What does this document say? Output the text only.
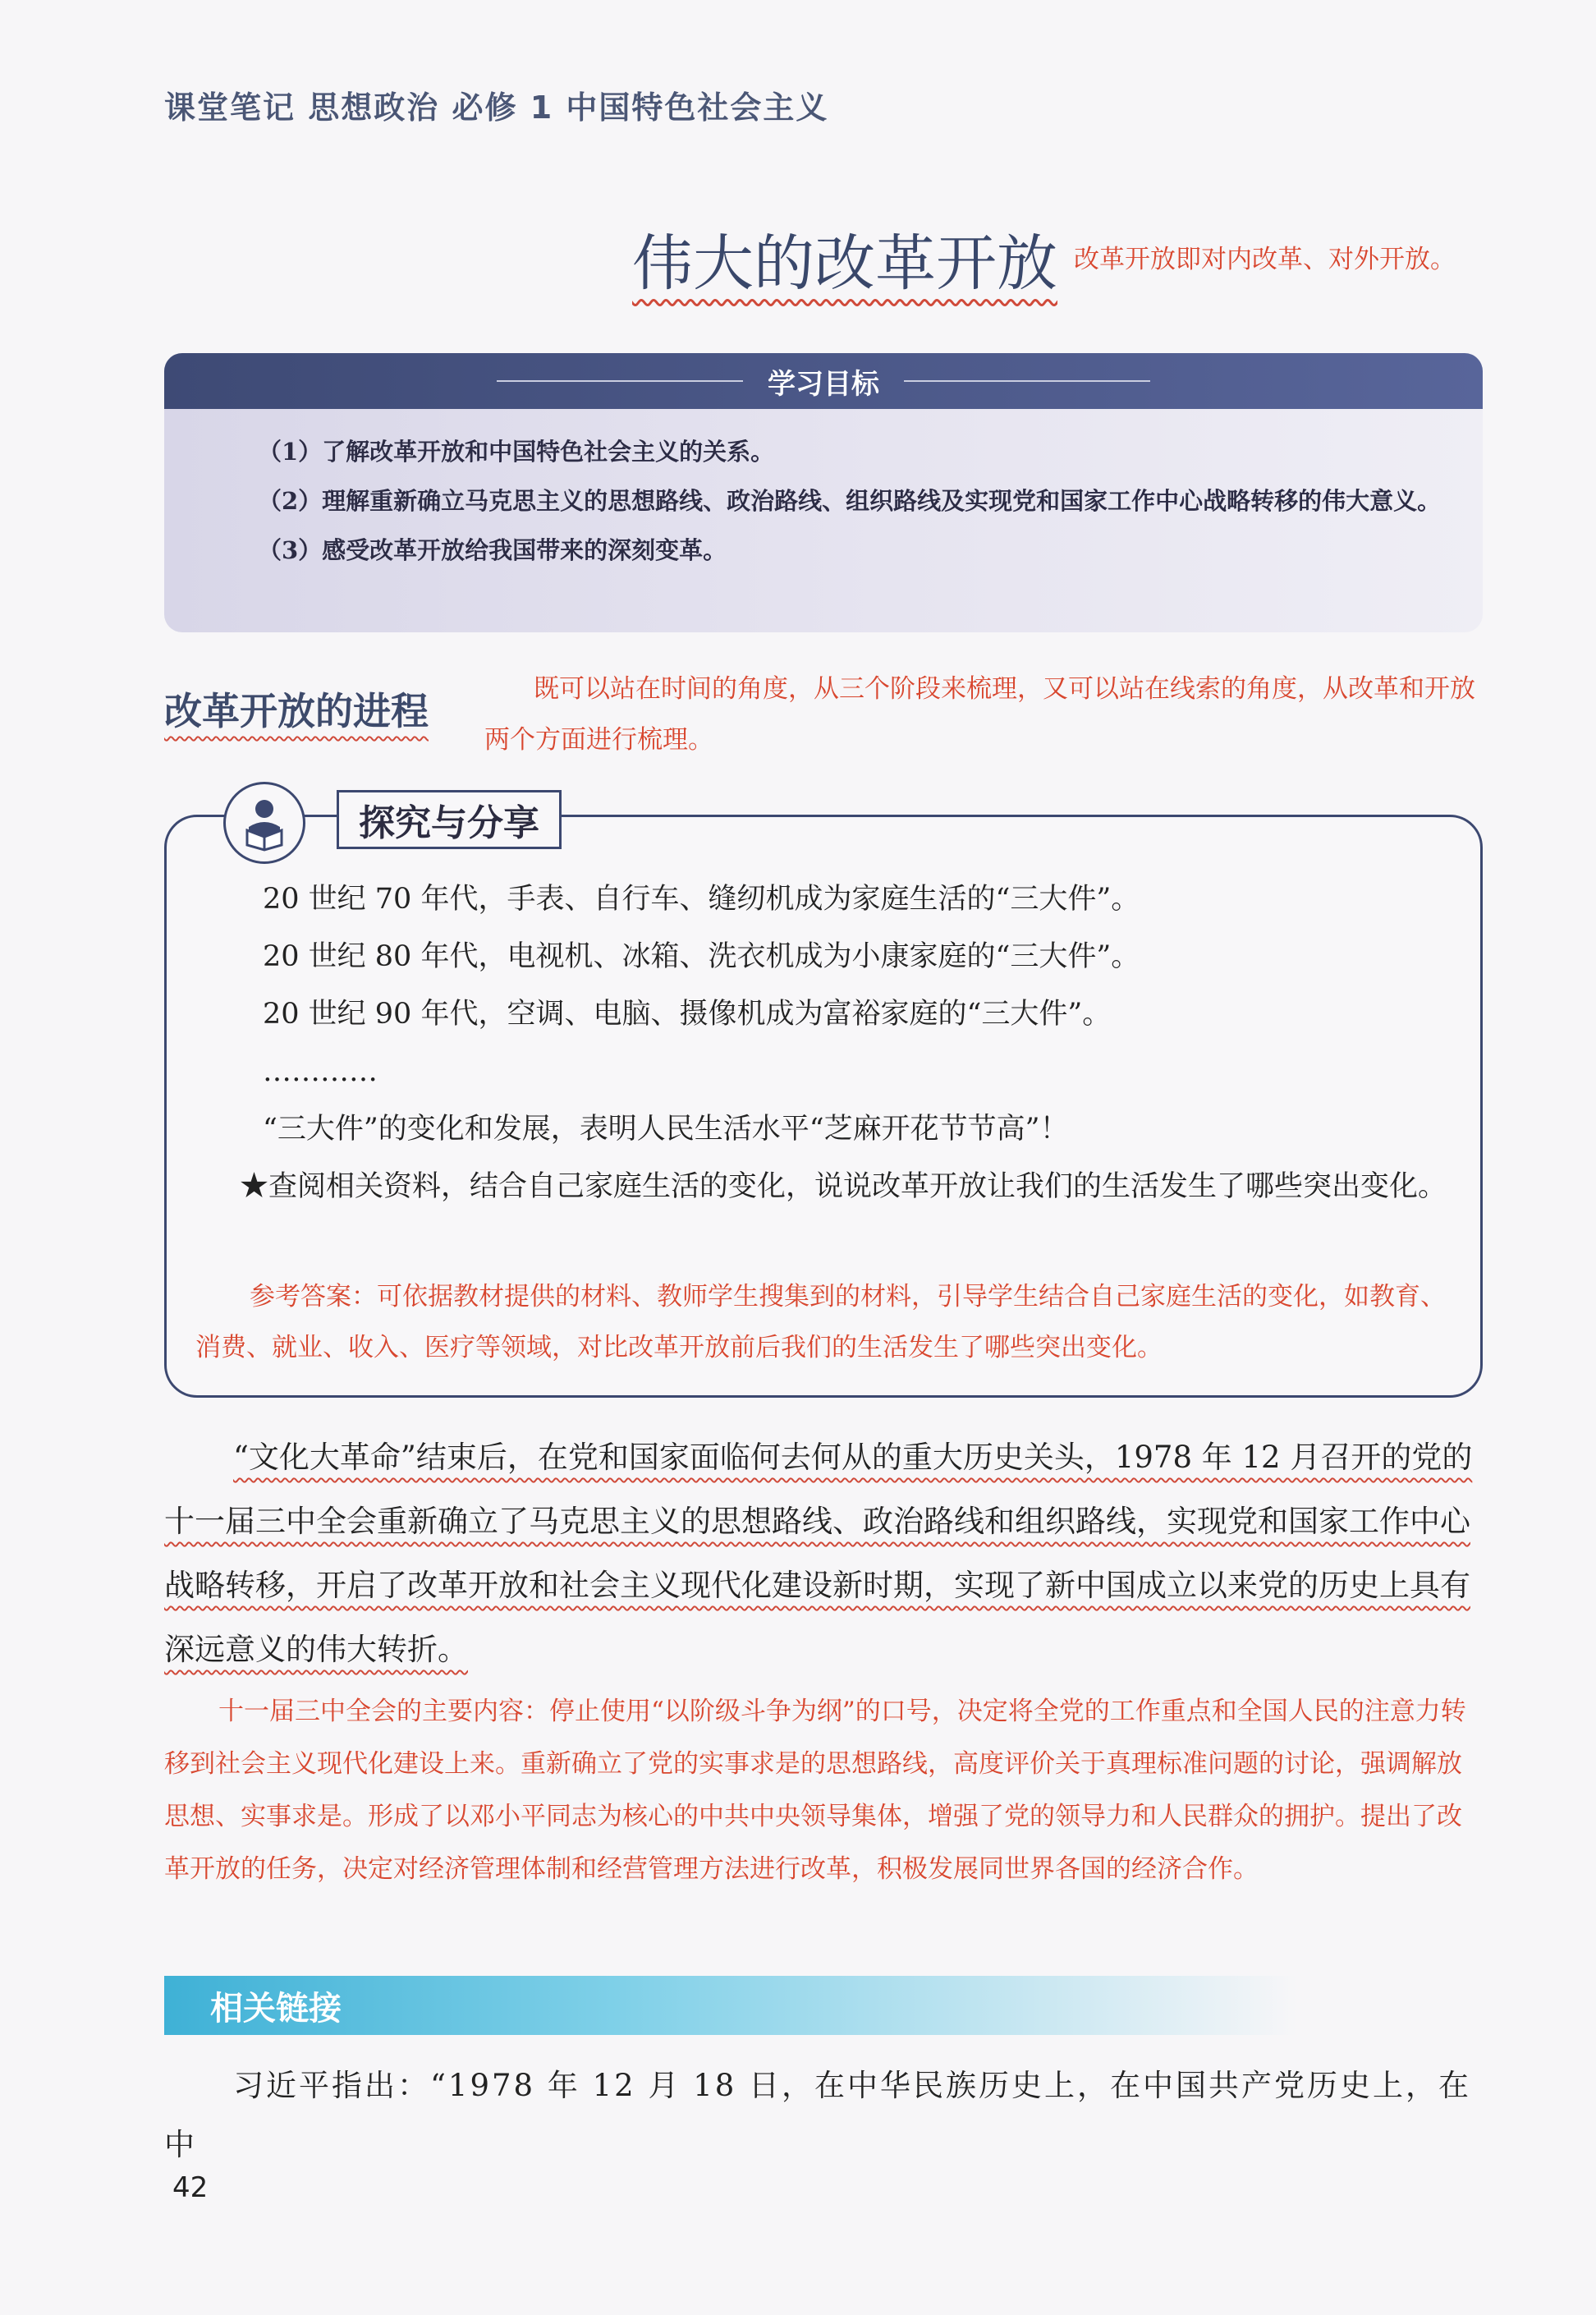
课堂笔记 思想政治 必修 1 中国特色社会主义
伟大的改革开放 改革开放即对内改革、对外开放。
学习目标
（1）了解改革开放和中国特色社会主义的关系。
（2）理解重新确立马克思主义的思想路线、政治路线、组织路线及实现党和国家工作中心战略转移的伟大意义。
（3）感受改革开放给我国带来的深刻变革。
改革开放的进程	既可以站在时间的角度，从三个阶段来梳理，又可以站在线索的角度，从改革和开放两个方面进行梳理。
探究与分享
20 世纪 70 年代，手表、自行车、缝纫机成为家庭生活的“三大件”。
20 世纪 80 年代，电视机、冰箱、洗衣机成为小康家庭的“三大件”。
20 世纪 90 年代，空调、电脑、摄像机成为富裕家庭的“三大件”。
…………
“三大件”的变化和发展，表明人民生活水平“芝麻开花节节高”！
★查阅相关资料，结合自己家庭生活的变化，说说改革开放让我们的生活发生了哪些突出变化。
参考答案：可依据教材提供的材料、教师学生搜集到的材料，引导学生结合自己家庭生活的变化，如教育、消费、就业、收入、医疗等领域，对比改革开放前后我们的生活发生了哪些突出变化。
“文化大革命”结束后，在党和国家面临何去何从的重大历史关头，1978 年 12 月召开的党的十一届三中全会重新确立了马克思主义的思想路线、政治路线和组织路线，实现党和国家工作中心战略转移，开启了改革开放和社会主义现代化建设新时期，实现了新中国成立以来党的历史上具有深远意义的伟大转折。
十一届三中全会的主要内容：停止使用“以阶级斗争为纲”的口号，决定将全党的工作重点和全国人民的注意力转移到社会主义现代化建设上来。重新确立了党的实事求是的思想路线，高度评价关于真理标准问题的讨论，强调解放思想、实事求是。形成了以邓小平同志为核心的中共中央领导集体，增强了党的领导力和人民群众的拥护。提出了改革开放的任务，决定对经济管理体制和经营管理方法进行改革，积极发展同世界各国的经济合作。
相关链接
习近平指出：“1978 年 12 月 18 日，在中华民族历史上，在中国共产党历史上，在中
42
